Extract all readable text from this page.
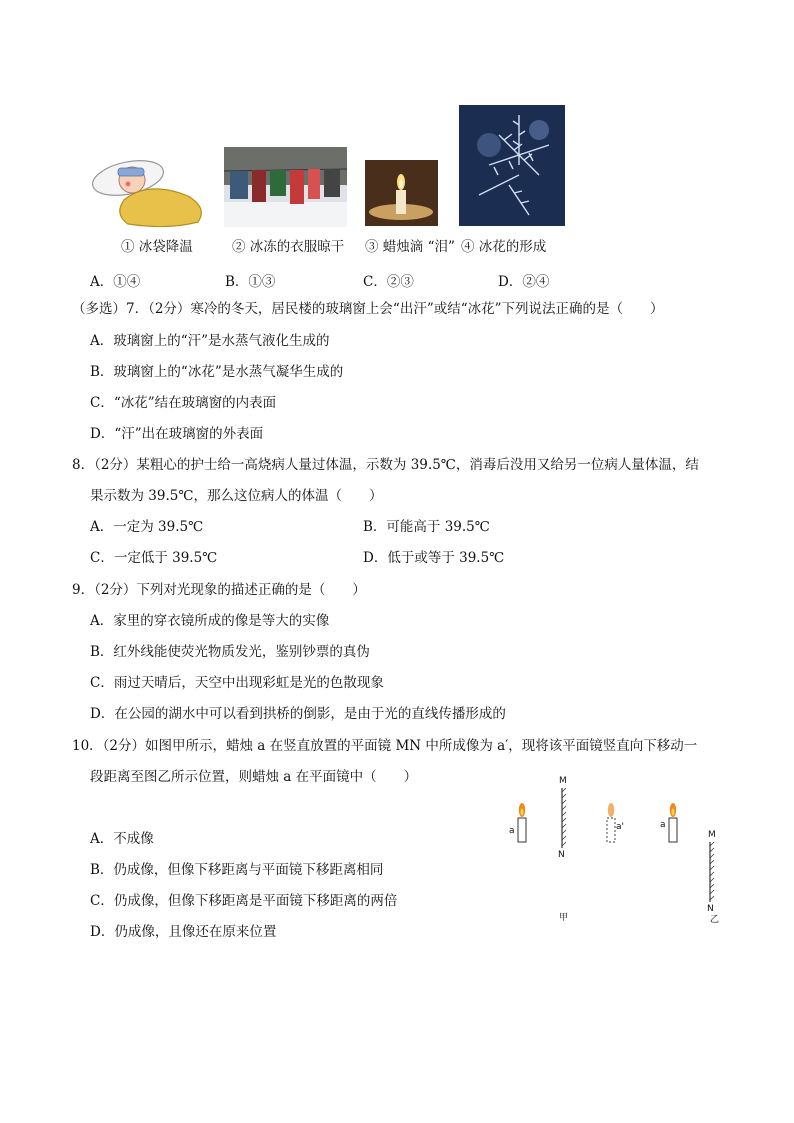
① 冰袋降温	② 冰冻的衣服晾干 ③ 蜡烛滴 “泪” ④ 冰花的形成
A．①④	B．①③	C．②③	D．②④
（多选）7．（2分）寒冷的冬天，居民楼的玻璃窗上会“出汗”或结“冰花”下列说法正确的是（　　）
A．玻璃窗上的“汗”是水蒸气液化生成的
B．玻璃窗上的“冰花”是水蒸气凝华生成的
C．“冰花”结在玻璃窗的内表面
D．“汗”出在玻璃窗的外表面
8．（2分）某粗心的护士给一高烧病人量过体温，示数为 39.5℃，消毒后没用又给另一位病人量体温，结
果示数为 39.5℃，那么这位病人的体温（　　）
A．一定为 39.5℃	B．可能高于 39.5℃
C．一定低于 39.5℃	D．低于或等于 39.5℃
9．（2分）下列对光现象的描述正确的是（　　）
A．家里的穿衣镜所成的像是等大的实像
B．红外线能使荧光物质发光，鉴别钞票的真伪
C．雨过天晴后，天空中出现彩虹是光的色散现象
D．在公园的湖水中可以看到拱桥的倒影，是由于光的直线传播形成的
10．（2分）如图甲所示，蜡烛 a 在竖直放置的平面镜 MN 中所成像为 a′，现将该平面镜竖直向下移动一
段距离至图乙所示位置，则蜡烛 a 在平面镜中（　　）
A．不成像
B．仍成像，但像下移距离与平面镜下移距离相同
C．仍成像，但像下移距离是平面镜下移距离的两倍
D．仍成像，且像还在原来位置
M
N
a	a'	a
M
N
甲	乙
